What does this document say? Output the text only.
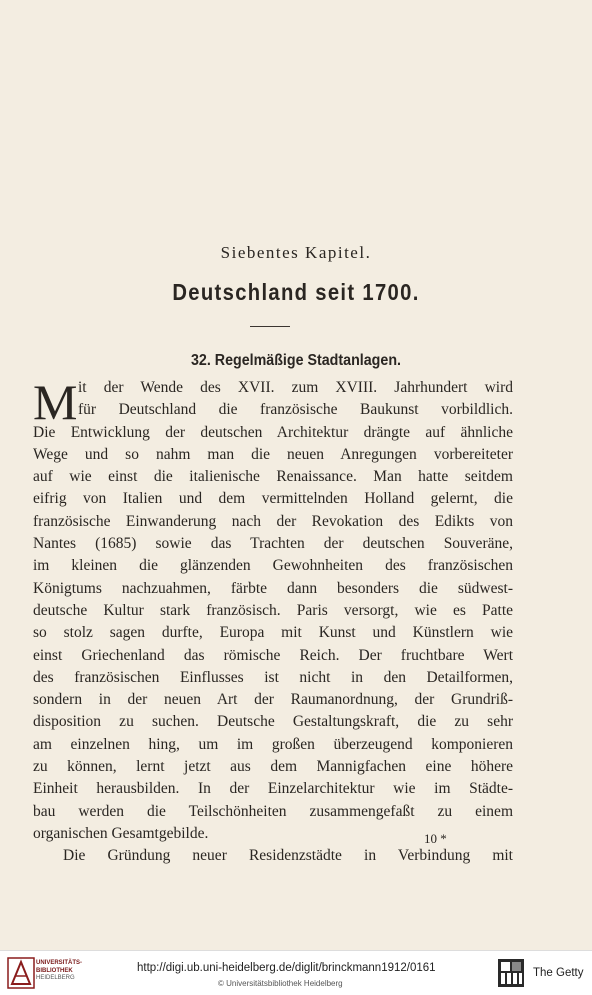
Siebentes Kapitel.
Deutschland seit 1700.
32. Regelmäßige Stadtanlagen.
M it der Wende des XVII. zum XVIII. Jahrhundert wird
für Deutschland die französische Baukunst vorbildlich.
Die Entwicklung der deutschen Architektur drängte auf ähnliche
Wege und so nahm man die neuen Anregungen vorbereiteter
auf wie einst die italienische Renaissance. Man hatte seitdem
eifrig von Italien und dem vermittelnden Holland gelernt, die
französische Einwanderung nach der Revokation des Edikts von
Nantes (1685) sowie das Trachten der deutschen Souveräne,
im kleinen die glänzenden Gewohnheiten des französischen
Königtums nachzuahmen, färbte dann besonders die südwest-
deutsche Kultur stark französisch. Paris versorgt, wie es Patte
so stolz sagen durfte, Europa mit Kunst und Künstlern wie
einst Griechenland das römische Reich. Der fruchtbare Wert
des französischen Einflusses ist nicht in den Detailformen,
sondern in der neuen Art der Raumanordnung, der Grundriß-
disposition zu suchen. Deutsche Gestaltungskraft, die zu sehr
am einzelnen hing, um im großen überzeugend komponieren
zu können, lernt jetzt aus dem Mannigfachen eine höhere
Einheit herausbilden. In der Einzelarchitektur wie im Städte-
bau werden die Teilschönheiten zusammengefaßt zu einem
organischen Gesamtgebilde.
Die Gründung neuer Residenzstädte in Verbindung mit
10 *
UNIVERSITÄTS-
BIBLIOTHEK
HEIDELBERG
http://digi.ub.uni-heidelberg.de/diglit/brinckmann1912/0161
© Universitätsbibliothek Heidelberg
The Getty
